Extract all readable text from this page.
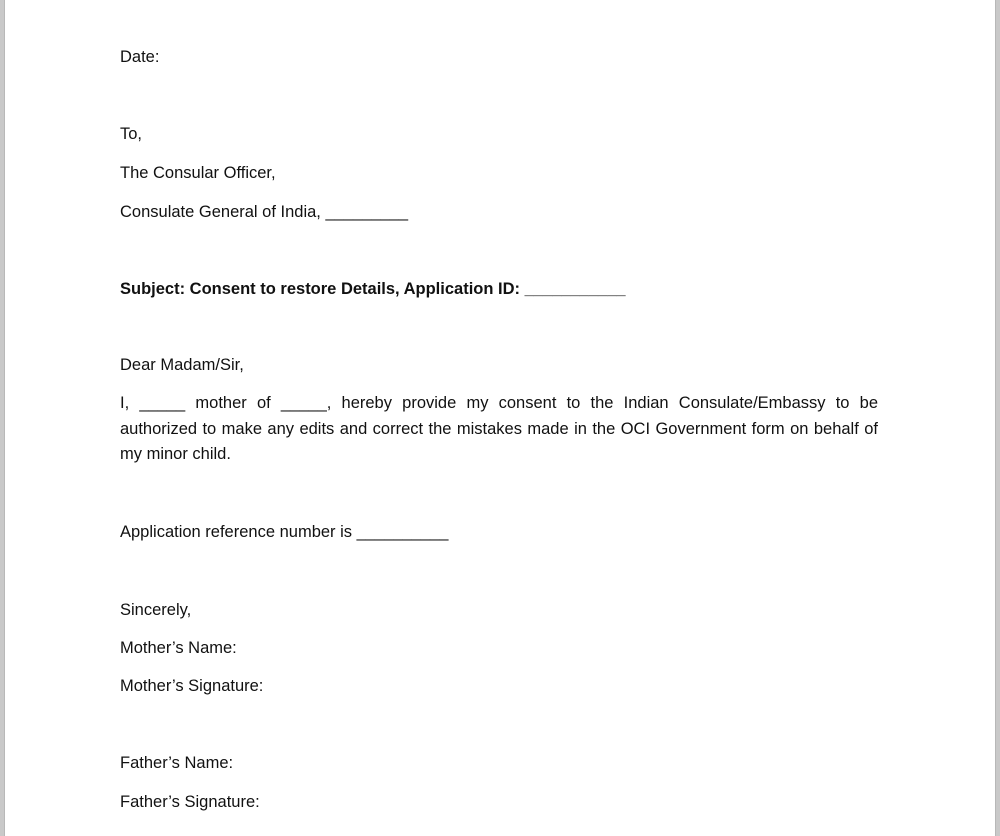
Date:
To,
The Consular Officer,
Consulate General of India, _________
Subject: Consent to restore Details, Application ID: ___________
Dear Madam/Sir,
I, _____ mother of _____, hereby provide my consent to the Indian Consulate/Embassy to be authorized to make any edits and correct the mistakes made in the OCI Government form on behalf of my minor child.
Application reference number is __________
Sincerely,
Mother’s Name:
Mother’s Signature:
Father’s Name:
Father’s Signature:
